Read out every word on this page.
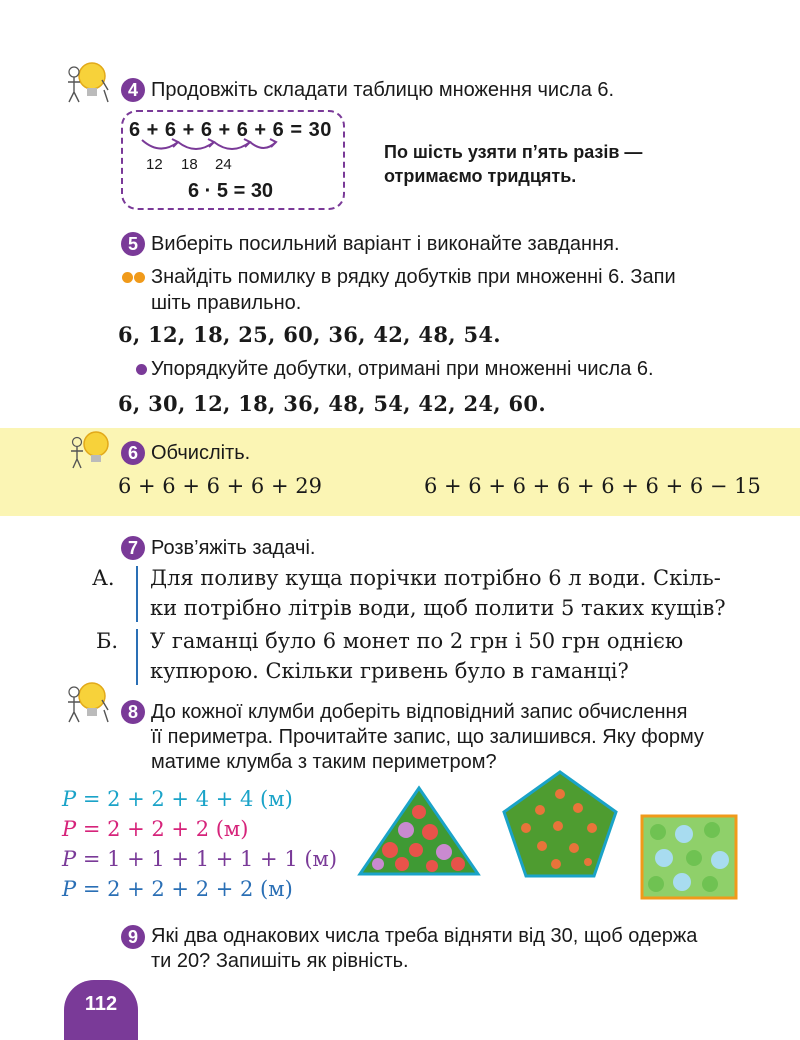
4 Продовжіть складати таблицю множення числа 6.
6 + 6 + 6 + 6 + 6 = 30
12 18 24
6 · 5 = 30
По шість узяти п’ять разів —
отримаємо тридцять.
5 Виберіть посильний варіант і виконайте завдання.
Знайдіть помилку в рядку добутків при множенні 6. Запи
шіть правильно.
6, 12, 18, 25, 60, 36, 42, 48, 54.
Упорядкуйте добутки, отримані при множенні числа 6.
6, 30, 12, 18, 36, 48, 54, 42, 24, 60.
6 Обчисліть.
6 + 6 + 6 + 6 + 29	6 + 6 + 6 + 6 + 6 + 6 + 6 − 15
7 Розв’яжіть задачі.
А. Для поливу куща порічки потрібно 6 л води. Скіль-
ки потрібно літрів води, щоб полити 5 таких кущів?
Б. У гаманці було 6 монет по 2 грн і 50 грн однією
купюрою. Скільки гривень було в гаманці?
8 До кожної клумби доберіть відповідний запис обчислення
її периметра. Прочитайте запис, що залишився. Яку форму
матиме клумба з таким периметром?
P = 2 + 2 + 4 + 4 (м)
P = 2 + 2 + 2 (м)
P = 1 + 1 + 1 + 1 + 1 (м)
P = 2 + 2 + 2 + 2 (м)
9 Які два однакових числа треба відняти від 30, щоб одержа
ти 20? Запишіть як рівність.
112
